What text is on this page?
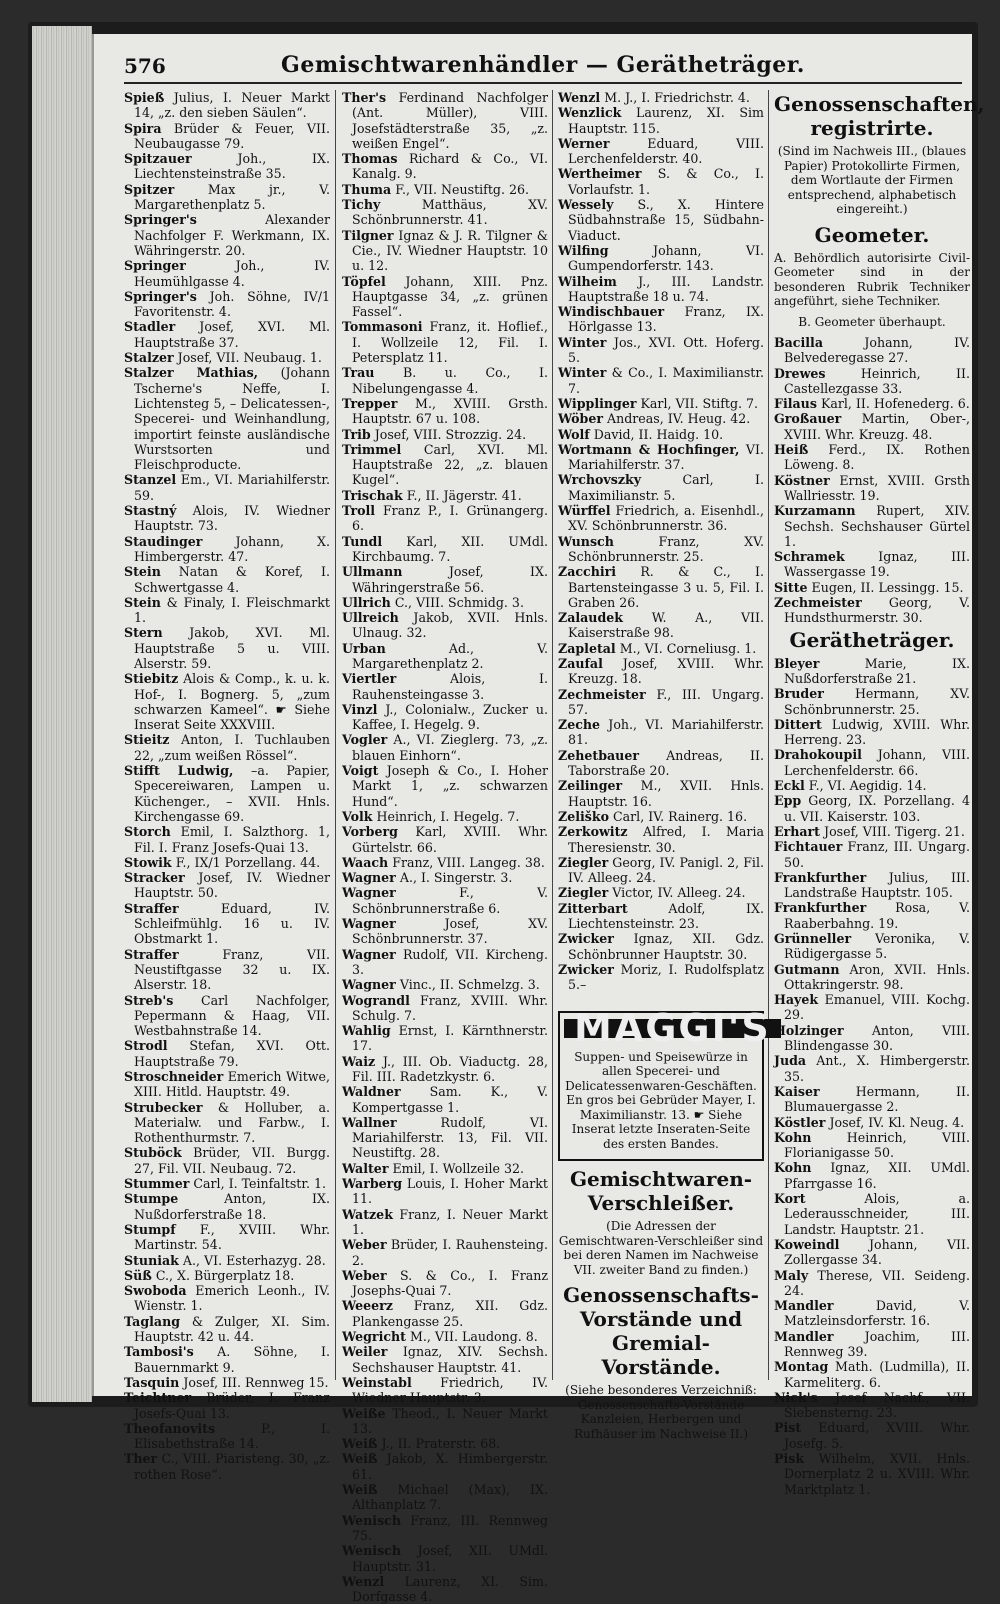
576	Gemischtwarenhändler — Gerätheträger.
Spieß Julius, I. Neuer Markt 14, „z. den sieben Säulen“.
Spira Brüder & Feuer, VII. Neubaugasse 79.
Spitzauer	Joh., IX. Liechtensteinstraße 35.
Spitzer	Max jr., V. Margarethenplatz 5.
Springer's	Alexander Nachfolger F. Werkmann, IX. Währingerstr. 20.
Springer	Joh., IV. Heumühlgasse 4.
Springer's Joh. Söhne, IV/1 Favoritenstr. 4.
Stadler Josef, XVI. Ml. Hauptstraße 37.
Stalzer Josef, VII. Neubaug. 1.
Stalzer Mathias, (Johann Tscherne's Neffe, I. Lichtensteg 5, – Delicatessen-, Specerei- und Weinhandlung, importirt feinste ausländische Wurstsorten und Fleischproducte.
Stanzel Em., VI. Mariahilferstr. 59.
Stastný Alois, IV. Wiedner Hauptstr. 73.
Staudinger	Johann, X. Himbergerstr. 47.
Stein Natan & Koref, I. Schwertgasse 4.
Stein & Finaly, I. Fleischmarkt 1.
Stern Jakob, XVI. Ml. Hauptstraße 5 u. VIII. Alserstr. 59.
Stiebitz Alois & Comp., k. u. k. Hof-, I. Bognerg. 5, „zum schwarzen Kameel“. ☛ Siehe Inserat Seite XXXVIII.
Stieitz Anton, I. Tuchlauben 22, „zum weißen Rössel“.
Stifft Ludwig, –a. Papier, Specereiwaren, Lampen u. Küchenger., – XVII. Hnls. Kirchengasse 69.
Storch Emil, I. Salzthorg. 1, Fil. I. Franz Josefs-Quai 13.
Stowik F., IX/1 Porzellang. 44.
Stracker Josef, IV. Wiedner Hauptstr. 50.
Straffer	Eduard, IV. Schleifmühlg. 16 u. IV. Obstmarkt 1.
Straffer	Franz, VII. Neustiftgasse 32 u. IX. Alserstr. 18.
Streb's Carl Nachfolger, Pepermann & Haag, VII. Westbahnstraße 14.
Strodl Stefan, XVI. Ott. Hauptstraße 79.
Stroschneider Emerich Witwe, XIII. Hitld. Hauptstr. 49.
Strubecker & Holluber, a. Materialw. und Farbw., I. Rothenthurmstr. 7.
Stuböck Brüder, VII. Burgg. 27, Fil. VII. Neubaug. 72.
Stummer Carl, I. Teinfaltstr. 1.
Stumpe	Anton, IX. Nußdorferstraße 18.
Stumpf F., XVIII. Whr. Martinstr. 54.
Stuniak A., VI. Esterhazyg. 28.
Süß C., X. Bürgerplatz 18.
Swoboda Emerich Leonh., IV. Wienstr. 1.
Taglang & Zulger, XI. Sim. Hauptstr. 42 u. 44.
Tambosi's A. Söhne, I. Bauernmarkt 9.
Tasquin Josef, III. Rennweg 15.
Teichtner Brüder, I. Franz Josefs-Quai 13.
Theofanovits	P., I. Elisabethstraße 14.
Ther C., VIII. Piaristeng. 30, „z. rothen Rose“.
Ther's Ferdinand Nachfolger (Ant. Müller), VIII. Josefstädterstraße 35, „z. weißen Engel“.
Thomas Richard & Co., VI. Kanalg. 9.
Thuma F., VII. Neustiftg. 26.
Tichy	Matthäus, XV. Schönbrunnerstr. 41.
Tilgner Ignaz & J. R. Tilgner & Cie., IV. Wiedner Hauptstr. 10 u. 12.
Töpfel Johann, XIII. Pnz. Hauptgasse 34, „z. grünen Fassel“.
Tommasoni Franz, it. Hoflief., I. Wollzeile 12, Fil. I. Petersplatz 11.
Trau B. u. Co., I. Nibelungengasse 4.
Trepper M., XVIII. Grsth. Hauptstr. 67 u. 108.
Trib Josef, VIII. Strozzig. 24.
Trimmel Carl, XVI. Ml. Hauptstraße 22, „z. blauen Kugel“.
Trischak F., II. Jägerstr. 41.
Troll Franz P., I. Grünangerg. 6.
Tundl Karl, XII. UMdl. Kirchbaumg. 7.
Ullmann	Josef, IX. Währingerstraße 56.
Ullrich C., VIII. Schmidg. 3.
Ullreich Jakob, XVII. Hnls. Ulnaug. 32.
Urban	Ad., V. Margarethenplatz 2.
Viertler	Alois, I. Rauhensteingasse 3.
Vinzl J., Colonialw., Zucker u. Kaffee, I. Hegelg. 9.
Vogler A., VI. Zieglerg. 73, „z. blauen Einhorn“.
Voigt Joseph & Co., I. Hoher Markt 1, „z. schwarzen Hund“.
Volk Heinrich, I. Hegelg. 7.
Vorberg Karl, XVIII. Whr. Gürtelstr. 66.
Waach Franz, VIII. Langeg. 38.
Wagner A., I. Singerstr. 3.
Wagner	F., V. Schönbrunnerstraße 6.
Wagner	Josef, XV. Schönbrunnerstr. 37.
Wagner Rudolf, VII. Kircheng. 3.
Wagner Vinc., II. Schmelzg. 3.
Wograndl Franz, XVIII. Whr. Schulg. 7.
Wahlig Ernst, I. Kärnthnerstr. 17.
Waiz J., III. Ob. Viaductg. 28, Fil. III. Radetzkystr. 6.
Waldner Sam. K., V. Kompertgasse 1.
Wallner	Rudolf, VI. Mariahilferstr. 13, Fil. VII. Neustiftg. 28.
Walter Emil, I. Wollzeile 32.
Warberg Louis, I. Hoher Markt 11.
Watzek Franz, I. Neuer Markt 1.
Weber Brüder, I. Rauhensteing. 2.
Weber S. & Co., I. Franz Josephs-Quai 7.
Weeerz Franz, XII. Gdz. Plankengasse 25.
Wegricht M., VII. Laudong. 8.
Weiler Ignaz, XIV. Sechsh. Sechshauser Hauptstr. 41.
Weinstabl Friedrich, IV. Wiedner Hauptstr. 3.
Weiße Theod., I. Neuer Markt 13.
Weiß J., II. Praterstr. 68.
Weiß Jakob, X. Himbergerstr. 61.
Weiß Michael (Max), IX. Althanplatz 7.
Wenisch Franz, III. Rennweg 75.
Wenisch Josef, XII. UMdl. Hauptstr. 31.
Wenzl Laurenz, XI. Sim. Dorfgasse 4.
Wenzl M. J., I. Friedrichstr. 4.
Wenzlick Laurenz, XI. Sim Hauptstr. 115.
Werner	Eduard, VIII. Lerchenfelderstr. 40.
Wertheimer S. & Co., I. Vorlaufstr. 1.
Wessely S., X. Hintere Südbahnstraße 15, Südbahn-Viaduct.
Wilfing	Johann, VI. Gumpendorferstr. 143.
Wilheim J., III. Landstr. Hauptstraße 18 u. 74.
Windischbauer Franz, IX. Hörlgasse 13.
Winter Jos., XVI. Ott. Hoferg. 5.
Winter & Co., I. Maximilianstr. 7.
Wipplinger Karl, VII. Stiftg. 7.
Wöber Andreas, IV. Heug. 42.
Wolf David, II. Haidg. 10.
Wortmann & Hochfinger, VI. Mariahilferstr. 37.
Wrchovszky	Carl, I. Maximilianstr. 5.
Würffel Friedrich, a. Eisenhdl., XV. Schönbrunnerstr. 36.
Wunsch	Franz, XV. Schönbrunnerstr. 25.
Zacchiri R. & C., I. Bartensteingasse 3 u. 5, Fil. I. Graben 26.
Zalaudek W. A., VII. Kaiserstraße 98.
Zapletal M., VI. Corneliusg. 1.
Zaufal Josef, XVIII. Whr. Kreuzg. 18.
Zechmeister F., III. Ungarg. 57.
Zeche Joh., VI. Mariahilferstr. 81.
Zehetbauer Andreas, II. Taborstraße 20.
Zeilinger M., XVII. Hnls. Hauptstr. 16.
Zeliško Carl, IV. Rainerg. 16.
Zerkowitz Alfred, I. Maria Theresienstr. 30.
Ziegler Georg, IV. Panigl. 2, Fil. IV. Alleeg. 24.
Ziegler Victor, IV. Alleeg. 24.
Zitterbart	Adolf, IX. Liechtensteinstr. 23.
Zwicker Ignaz, XII. Gdz. Schönbrunner Hauptstr. 30.
Zwicker Moriz, I. Rudolfsplatz 5.–
MAGGI'S
Suppen- und Speisewürze in allen Specerei- und Delicatessenwaren-Geschäften. En gros bei Gebrüder Mayer, I. Maximilianstr. 13. ☛ Siehe Inserat letzte Inseraten-Seite des ersten Bandes.
Gemischtwaren-Verschleißer.
(Die Adressen der Gemischtwaren-Verschleißer sind bei deren Namen im Nachweise VII. zweiter Band zu finden.)
Genossenschafts-Vorstände und Gremial-Vorstände.
(Siehe besonderes Verzeichniß: Genossenschafts-Vorstände Kanzleien, Herbergen und Rufhäuser im Nachweise II.)
Genossenschaften, registrirte.
(Sind im Nachweis III., (blaues Papier) Protokollirte Firmen, dem Wortlaute der Firmen entsprechend, alphabetisch eingereiht.)
Geometer.
A. Behördlich autorisirte Civil-Geometer sind in der besonderen Rubrik Techniker angeführt, siehe Techniker.
B. Geometer überhaupt.
Bacilla	Johann, IV. Belvederegasse 27.
Drewes	Heinrich, II. Castellezgasse 33.
Filaus Karl, II. Hofenederg. 6.
Großauer Martin, Ober-, XVIII. Whr. Kreuzg. 48.
Heiß Ferd., IX. Rothen Löweng. 8.
Köstner Ernst, XVIII. Grsth Wallriesstr. 19.
Kurzamann Rupert, XIV. Sechsh. Sechshauser Gürtel 1.
Schramek	Ignaz, III. Wassergasse 19.
Sitte Eugen, II. Lessingg. 15.
Zechmeister Georg, V. Hundsthurmerstr. 30.
Gerätheträger.
Bleyer	Marie, IX. Nußdorferstraße 21.
Bruder Hermann, XV. Schönbrunnerstr. 25.
Dittert Ludwig, XVIII. Whr. Herreng. 23.
Drahokoupil Johann, VIII. Lerchenfelderstr. 66.
Eckl F., VI. Aegidig. 14.
Epp Georg, IX. Porzellang. 4 u. VII. Kaiserstr. 103.
Erhart Josef, VIII. Tigerg. 21.
Fichtauer Franz, III. Ungarg. 50.
Frankfurther Julius, III. Landstraße Hauptstr. 105.
Frankfurther Rosa, V. Raaberbahng. 19.
Grünneller Veronika, V. Rüdigergasse 5.
Gutmann Aron, XVII. Hnls. Ottakringerstr. 98.
Hayek Emanuel, VIII. Kochg. 29.
Holzinger Anton, VIII. Blindengasse 30.
Juda Ant., X. Himbergerstr. 35.
Kaiser	Hermann, II. Blumauergasse 2.
Köstler Josef, IV. Kl. Neug. 4.
Kohn	Heinrich, VIII. Florianigasse 50.
Kohn Ignaz, XII. UMdl. Pfarrgasse 16.
Kort	Alois, a. Lederausschneider, III. Landstr. Hauptstr. 21.
Koweindl Johann, VII. Zollergasse 34.
Maly Therese, VII. Seideng. 24.
Mandler	David, V. Matzleinsdorferstr. 16.
Mandler Joachim, III. Rennweg 39.
Montag Math. (Ludmilla), II. Karmeliterg. 6.
Nick's Josef Nachf., VII. Siebensterng. 23.
Pist Eduard, XVIII. Whr. Josefg. 5.
Pisk Wilhelm, XVII. Hnls. Dornerplatz 2 u. XVIII. Whr. Marktplatz 1.
